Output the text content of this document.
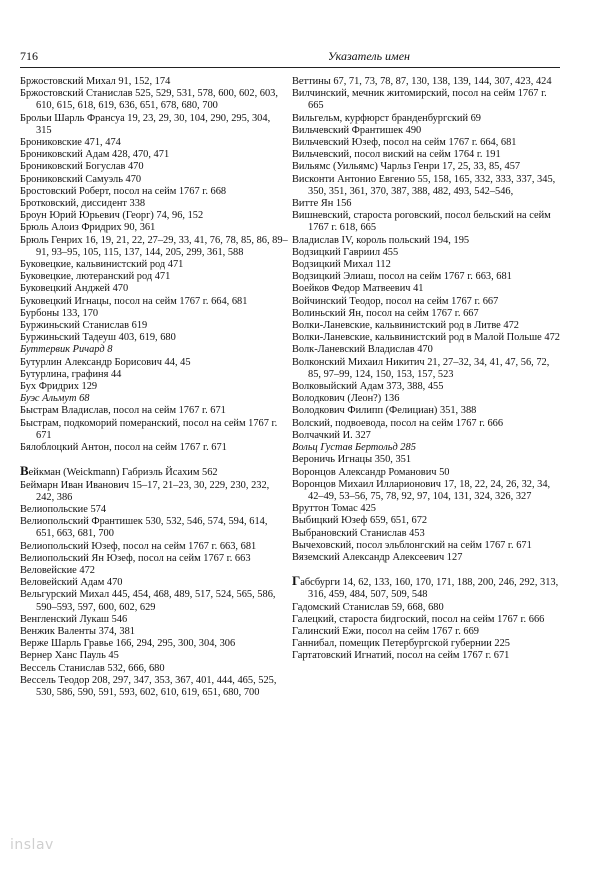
716	Указатель имен

Бржостовский Михал 91, 152, 174

Бржостовский Станислав 525, 529, 531, 578, 600, 602, 603, 610, 615, 618, 619, 636, 651, 678, 680, 700

Брольи Шарль Франсуа 19, 23, 29, 30, 104, 290, 295, 304, 315

Брониковские 471, 474

Брониковский Адам 428, 470, 471

Брониковский Богуслав 470

Брониковский Самуэль 470

Бростовский Роберт, посол на сейм 1767 г. 668

Бротковский, диссидент 338

Броун Юрий Юрьевич (Георг) 74, 96, 152

Брюль Алоиз Фридрих 90, 361

Брюль Генрих 16, 19, 21, 22, 27–29, 33, 41, 76, 78, 85, 86, 89–91, 93–95, 105, 115, 137, 144, 205, 299, 361, 588

Буковецкие, кальвинистский род 471

Буковецкие, лютеранский род 471

Буковецкий Анджей 470

Буковецкий Игнацы, посол на сейм 1767 г. 664, 681

Бурбоны 133, 170

Буржиньский Станислав 619

Буржиньский Тадеуш 403, 619, 680

Буттервик Ричард 8

Бутурлин Александр Борисович 44, 45

Бутурлина, графиня 44

Бух Фридрих 129

Буэс Альмут 68

Быстрам Владислав, посол на сейм 1767 г. 671

Быстрам, подкоморий померанский, посол на сейм 1767 г. 671

Бялоблоцкий Антон, посол на сейм 1767 г. 671

Вейкман (Weickmann) Габриэль Йсахим 562

Беймарн Иван Иванович 15–17, 21–23, 30, 229, 230, 232, 242, 386

Велиопольские 574

Велиопольский Франтишек 530, 532, 546, 574, 594, 614, 651, 663, 681, 700

Велиопольский Юзеф, посол на сейм 1767 г. 663, 681

Велиопольский Ян Юзеф, посол на сейм 1767 г. 663

Веловейские 472

Веловейский Адам 470

Вельгурский Михал 445, 454, 468, 489, 517, 524, 565, 586, 590–593, 597, 600, 602, 629

Венгленский Лукаш 546

Венжик Валенты 374, 381

Верже Шарль Гравье 166, 294, 295, 300, 304, 306

Вернер Ханс Пауль 45

Вессель Станислав 532, 666, 680

Вессель Теодор 208, 297, 347, 353, 367, 401, 444, 465, 525, 530, 586, 590, 591, 593, 602, 610, 619, 651, 680, 700

Веттины 67, 71, 73, 78, 87, 130, 138, 139, 144, 307, 423, 424

Вилчинский, мечник житомирский, посол на сейм 1767 г. 665

Вильгельм, курфюрст бранденбургский 69

Вильчевский Франтишек 490

Вильчевский Юзеф, посол на сейм 1767 г. 664, 681

Вильчевский, посол виский на сейм 1764 г. 191

Вильямс (Уильямс) Чарльз Генри 17, 25, 33, 85, 457

Висконти Антонио Евгенио 55, 158, 165, 332, 333, 337, 345, 350, 351, 361, 370, 387, 388, 482, 493, 542–546,

Витте Ян 156

Вишневский, староста роговский, посол бельский на сейм 1767 г. 618, 665

Владислав IV, король польский 194, 195

Водзицкий Гавриил 455

Водзицкий Михал 112

Водзицкий Элиаш, посол на сейм 1767 г. 663, 681

Воейков Федор Матвеевич 41

Войчинский Теодор, посол на сейм 1767 г. 667

Волиньский Ян, посол на сейм 1767 г. 667

Волки-Ланевские, кальвинистский род в Литве 472

Волки-Ланевские, кальвинистский род в Малой Польше 472

Волк-Ланевский Владислав 470

Волконский Михаил Никитич 21, 27–32, 34, 41, 47, 56, 72, 85, 97–99, 124, 150, 153, 157, 523

Волковыйский Адам 373, 388, 455

Володкович (Леон?) 136

Володкович Филипп (Фелициан) 351, 388

Волский, подвоевода, посол на сейм 1767 г. 666

Волчачкий И. 327

Вольц Густав Бертольд 285

Вероничь Игнацы 350, 351

Воронцов Александр Романович 50

Воронцов Михаил Илларионович 17, 18, 22, 24, 26, 32, 34, 42–49, 53–56, 75, 78, 92, 97, 104, 131, 324, 326, 327

Вруттон Томас 425

Выбицкий Юзеф 659, 651, 672

Выбрановский Станислав 453

Вычеховский, посол эльблонгский на сейм 1767 г. 671

Вяземский Александр Алексеевич 127

Габсбурги 14, 62, 133, 160, 170, 171, 188, 200, 246, 292, 313, 316, 459, 484, 507, 509, 548

Гадомский Станислав 59, 668, 680

Галецкий, староста бидгоский, посол на сейм 1767 г. 666

Галинский Ежи, посол на сейм 1767 г. 669

Ганнибал, помещик Петербургской губернии 225

Гартатовский Игнатий, посол на сейм 1767 г. 671

inslav
